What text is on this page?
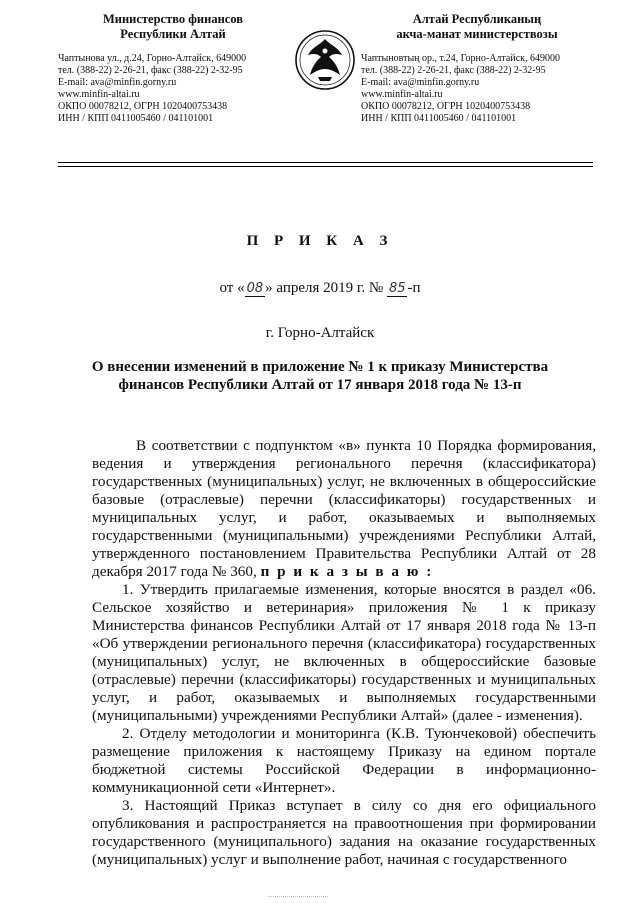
Министерство финансов
Республики Алтай
Чаптынова ул., д.24, Горно-Алтайск, 649000
тел. (388-22) 2-26-21, факс (388-22) 2-32-95
E-mail: ava@minfin.gorny.ru
www.minfin-altai.ru
ОКПО 00078212, ОГРН 1020400753438
ИНН / КПП 0411005460 / 041101001
Алтай Республиканың
акча-манат министерствозы
Чаптыновтың ор., т.24, Горно-Алтайск, 649000
тел. (388-22) 2-26-21, факс (388-22) 2-32-95
E-mail: ava@minfin.gorny.ru
www.minfin-altai.ru
ОКПО 00078212, ОГРН 1020400753438
ИНН / КПП 0411005460 / 041101001
П Р И К А З
от « 08 » апреля 2019 г. № 85 -п
г. Горно-Алтайск
О внесении изменений в приложение № 1 к приказу Министерства финансов Республики Алтай от 17 января 2018 года № 13-п

В соответствии с подпунктом «в» пункта 10 Порядка формирования, ведения и утверждения регионального перечня (классификатора) государственных (муниципальных) услуг, не включенных в общероссийские базовые (отраслевые) перечни (классификаторы) государственных и муниципальных услуг, и работ, оказываемых и выполняемых государственными (муниципальными) учреждениями Республики Алтай, утвержденного постановлением Правительства Республики Алтай от 28 декабря 2017 года № 360, п р и к а з ы в а ю :

1. Утвердить прилагаемые изменения, которые вносятся в раздел «06. Сельское хозяйство и ветеринария» приложения № 1 к приказу Министерства финансов Республики Алтай от 17 января 2018 года № 13-п «Об утверждении регионального перечня (классификатора) государственных (муниципальных) услуг, не включенных в общероссийские базовые (отраслевые) перечни (классификаторы) государственных и муниципальных услуг, и работ, оказываемых и выполняемых государственными (муниципальными) учреждениями Республики Алтай» (далее - изменения).

2. Отделу методологии и мониторинга (К.В. Туюнчековой) обеспечить размещение приложения к настоящему Приказу на едином портале бюджетной системы Российской Федерации в информационно-коммуникационной сети «Интернет».

3. Настоящий Приказ вступает в силу со дня его официального опубликования и распространяется на правоотношения при формировании государственного (муниципального) задания на оказание государственных (муниципальных) услуг и выполнение работ, начиная с государственного
